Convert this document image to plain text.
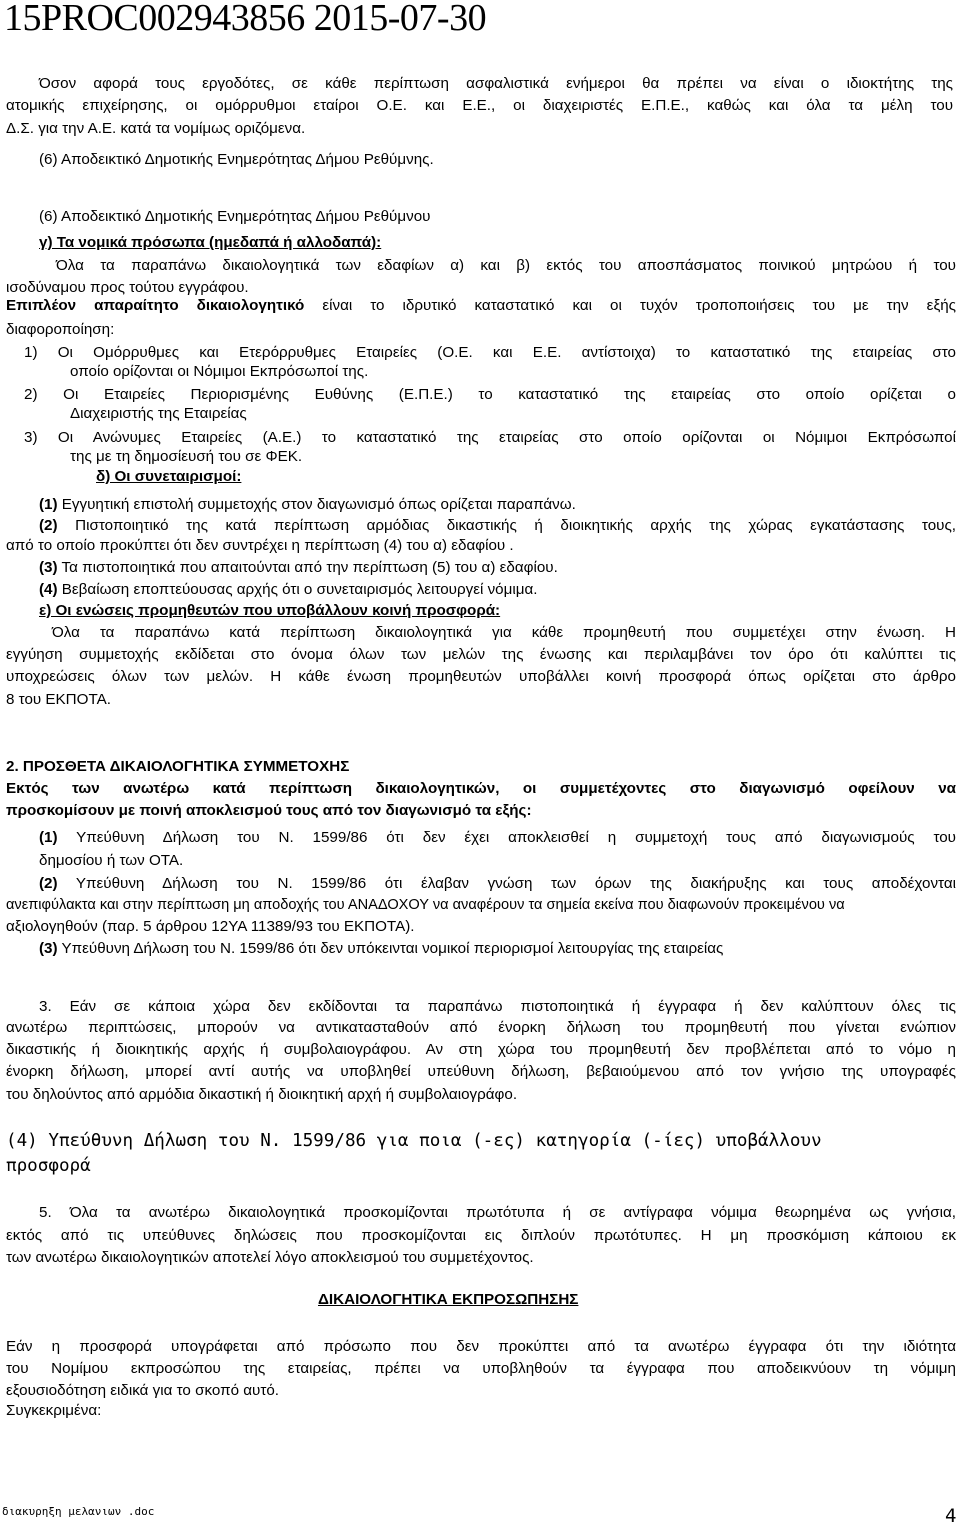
15PROC002943856 2015-07-30
Όσον αφορά τους εργοδότες, σε κάθε περίπτωση ασφαλιστικά ενήμεροι θα πρέπει να είναι ο ιδιοκτήτης της
ατομικής επιχείρησης, οι ομόρρυθμοι εταίροι Ο.Ε. και Ε.Ε., οι διαχειριστές Ε.Π.Ε., καθώς και όλα τα μέλη του
Δ.Σ. για την Α.Ε. κατά τα νομίμως οριζόμενα.
(6) Αποδεικτικό Δημοτικής Ενημερότητας Δήμου Ρεθύμνης.
(6) Αποδεικτικό Δημοτικής Ενημερότητας Δήμου Ρεθύμνου
γ) Τα νομικά πρόσωπα (ημεδαπά ή αλλοδαπά):
Όλα τα παραπάνω δικαιολογητικά των εδαφίων α) και β) εκτός του αποσπάσματος ποινικού μητρώου ή του
ισοδύναμου προς τούτου εγγράφου.
Επιπλέον απαραίτητο δικαιολογητικό είναι το ιδρυτικό καταστατικό και οι τυχόν τροποποιήσεις του με την εξής
διαφοροποίηση:
1) Οι Ομόρρυθμες και Ετερόρρυθμες Εταιρείες (Ο.Ε. και Ε.Ε. αντίστοιχα) το καταστατικό της εταιρείας στο
οποίο ορίζονται οι Νόμιμοι Εκπρόσωποί της.
2) Οι Εταιρείες Περιορισμένης Ευθύνης (Ε.Π.Ε.) το καταστατικό της εταιρείας στο οποίο ορίζεται ο
Διαχειριστής της Εταιρείας
3) Οι Ανώνυμες Εταιρείες (Α.Ε.) το καταστατικό της εταιρείας στο οποίο ορίζονται οι Νόμιμοι Εκπρόσωποί
της με τη δημοσίευσή του σε ΦΕΚ.
δ) Οι συνεταιρισμοί:
(1) Εγγυητική επιστολή συμμετοχής στον διαγωνισμό όπως ορίζεται παραπάνω.
(2) Πιστοποιητικό της κατά περίπτωση αρμόδιας δικαστικής ή διοικητικής αρχής της χώρας εγκατάστασης τους,
από το οποίο προκύπτει ότι δεν συντρέχει η περίπτωση (4) του α) εδαφίου .
(3) Τα πιστοποιητικά που απαιτούνται από την περίπτωση (5) του α) εδαφίου.
(4) Βεβαίωση εποπτεύουσας αρχής ότι ο συνεταιρισμός λειτουργεί νόμιμα.
ε) Οι ενώσεις προμηθευτών που υποβάλλουν κοινή προσφορά:
Όλα τα παραπάνω κατά περίπτωση δικαιολογητικά για κάθε προμηθευτή που συμμετέχει στην ένωση. Η
εγγύηση συμμετοχής εκδίδεται στο όνομα όλων των μελών της ένωσης και περιλαμβάνει τον όρο ότι καλύπτει τις
υποχρεώσεις όλων των μελών. Η κάθε ένωση προμηθευτών υποβάλλει κοινή προσφορά όπως ορίζεται στο άρθρο
8 του ΕΚΠΟΤΑ.
2. ΠΡΟΣΘΕΤΑ ΔΙΚΑΙΟΛΟΓΗΤΙΚΑ ΣΥΜΜΕΤΟΧΗΣ
Εκτός των ανωτέρω κατά περίπτωση δικαιολογητικών, οι συμμετέχοντες στο διαγωνισμό οφείλουν να
προσκομίσουν με ποινή αποκλεισμού τους από τον διαγωνισμό τα εξής:
(1) Υπεύθυνη Δήλωση του Ν. 1599/86 ότι δεν έχει αποκλεισθεί η συμμετοχή τους από διαγωνισμούς του
δημοσίου ή των ΟΤΑ.
(2) Υπεύθυνη Δήλωση του Ν. 1599/86 ότι έλαβαν γνώση των όρων της διακήρυξης και τους αποδέχονται
ανεπιφύλακτα και στην περίπτωση μη αποδοχής του ΑΝΑΔΟΧΟΥ να αναφέρουν τα σημεία εκείνα που διαφωνούν προκειμένου να
αξιολογηθούν (παρ. 5 άρθρου 12ΥΑ 11389/93 του ΕΚΠΟΤΑ).
(3) Υπεύθυνη Δήλωση του Ν. 1599/86 ότι δεν υπόκεινται νομικοί περιορισμοί λειτουργίας της εταιρείας
3. Εάν σε κάποια χώρα δεν εκδίδονται τα παραπάνω πιστοποιητικά ή έγγραφα ή δεν καλύπτουν όλες τις
ανωτέρω περιπτώσεις, μπορούν να αντικατασταθούν από ένορκη δήλωση του προμηθευτή που γίνεται ενώπιον
δικαστικής ή διοικητικής αρχής ή συμβολαιογράφου. Αν στη χώρα του προμηθευτή δεν προβλέπεται από το νόμο η
ένορκη δήλωση, μπορεί αντί αυτής να υποβληθεί υπεύθυνη δήλωση, βεβαιούμενου από τον γνήσιο της υπογραφές
του δηλούντος από αρμόδια δικαστική ή διοικητική αρχή ή συμβολαιογράφο.
(4) Υπεύθυνη Δήλωση του Ν. 1599/86 για ποια (-ες) κατηγορία (-ίες) υποβάλλουν
προσφορά
5. Όλα τα ανωτέρω δικαιολογητικά προσκομίζονται πρωτότυπα ή σε αντίγραφα νόμιμα θεωρημένα ως γνήσια,
εκτός από τις υπεύθυνες δηλώσεις που προσκομίζονται εις διπλούν πρωτότυπες. Η μη προσκόμιση κάποιου εκ
των ανωτέρω δικαιολογητικών αποτελεί λόγο αποκλεισμού του συμμετέχοντος.
ΔΙΚΑΙΟΛΟΓΗΤΙΚΑ ΕΚΠΡΟΣΩΠΗΣΗΣ
Εάν η προσφορά υπογράφεται από πρόσωπο που δεν προκύπτει από τα ανωτέρω έγγραφα ότι την ιδιότητα
του Νομίμου εκπροσώπου της εταιρείας, πρέπει να υποβληθούν τα έγγραφα που αποδεικνύουν τη νόμιμη
εξουσιοδότηση ειδικά για το σκοπό αυτό.
Συγκεκριμένα:
διακυρηξη μελανιων .doc	4
